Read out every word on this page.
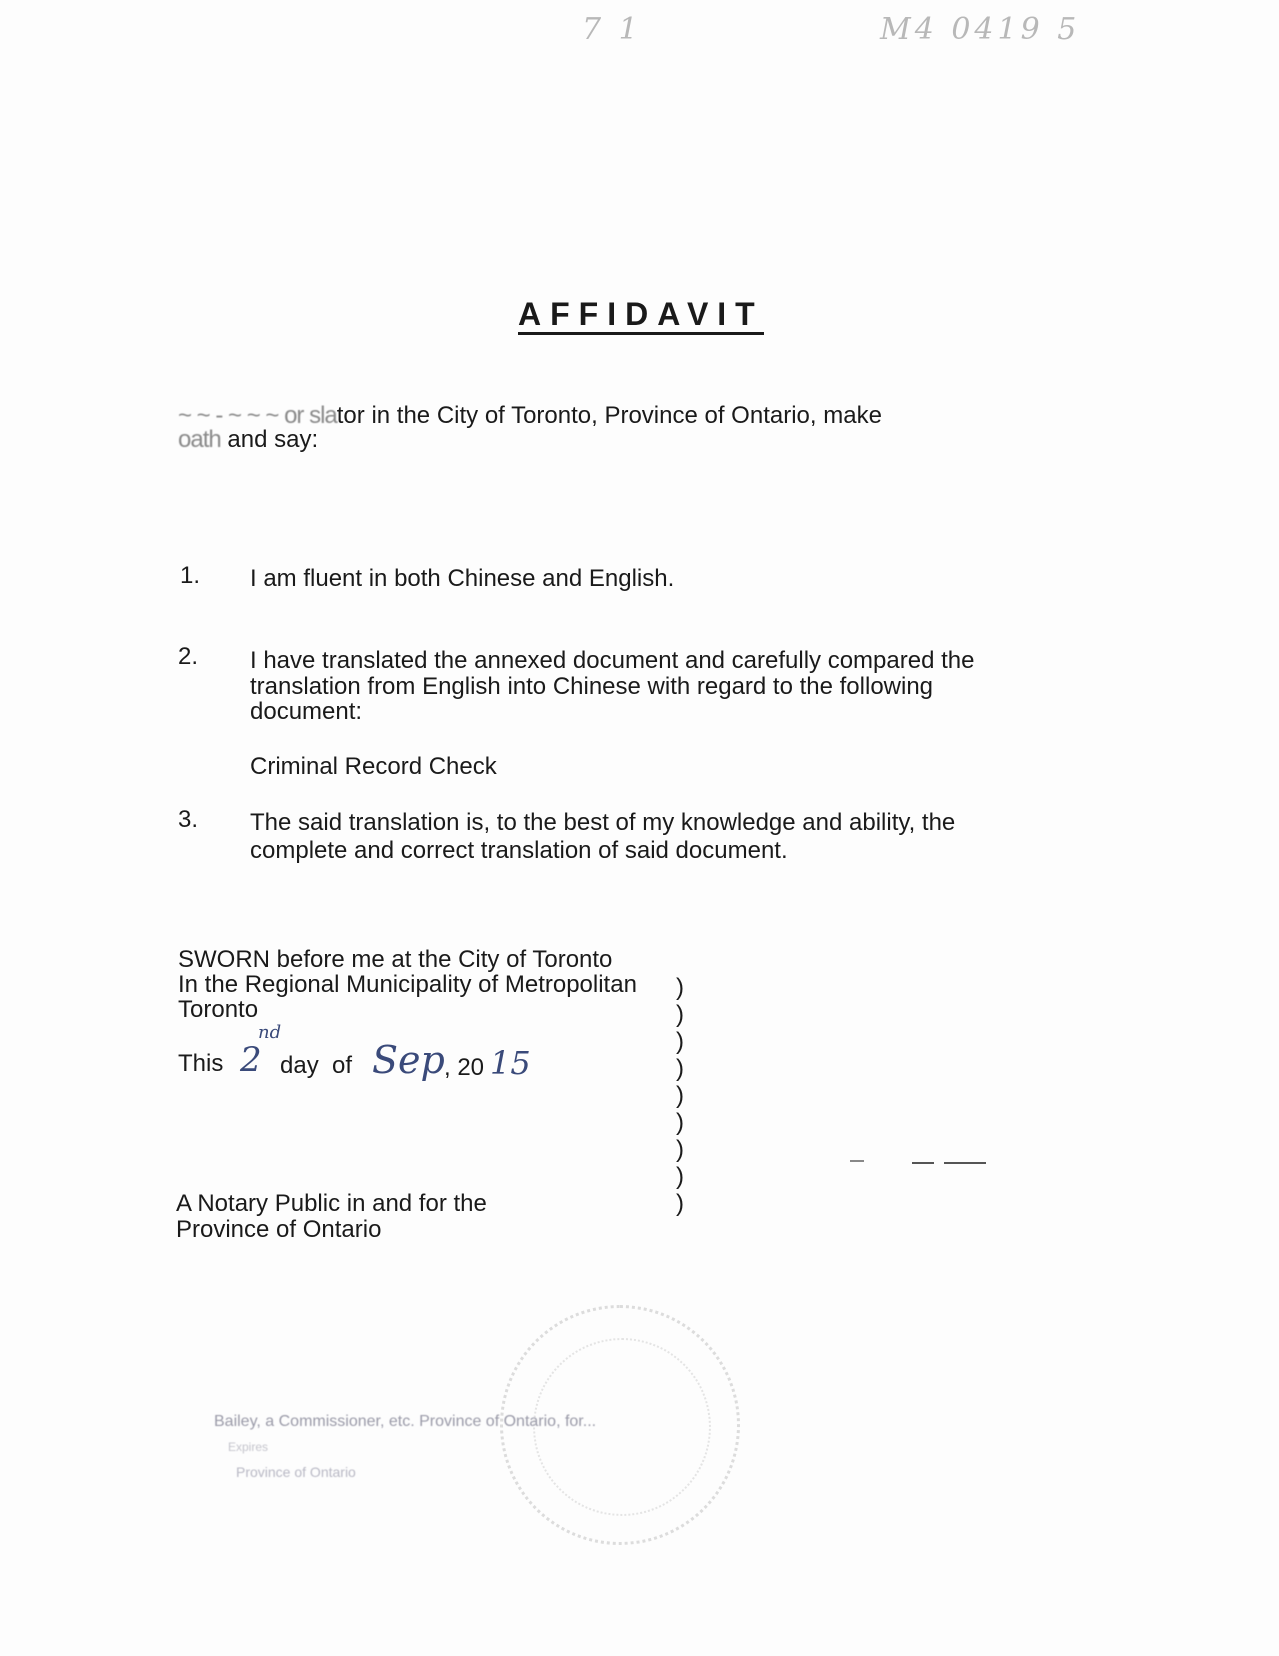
7 1	M4 0419 5
AFFIDAVIT
~ ~ - ~ ~ ~ or slator in the City of Toronto, Province of Ontario, make
oath and say:
1.	I am fluent in both Chinese and English.
2.	I have translated the annexed document and carefully compared the
translation from English into Chinese with regard to the following
document:
Criminal Record Check
3.	The said translation is, to the best of my knowledge and ability, the
complete and correct translation of said document.
SWORN before me at the City of Toronto
In the Regional Municipality of Metropolitan
Toronto
This 2
nd
day of Sep , 20 15
A Notary Public in and for the
Province of Ontario
)
)
)
)
)
)
)
)
)
Bailey, a Commissioner, etc. Province of Ontario, for...
Expires
Province of Ontario
